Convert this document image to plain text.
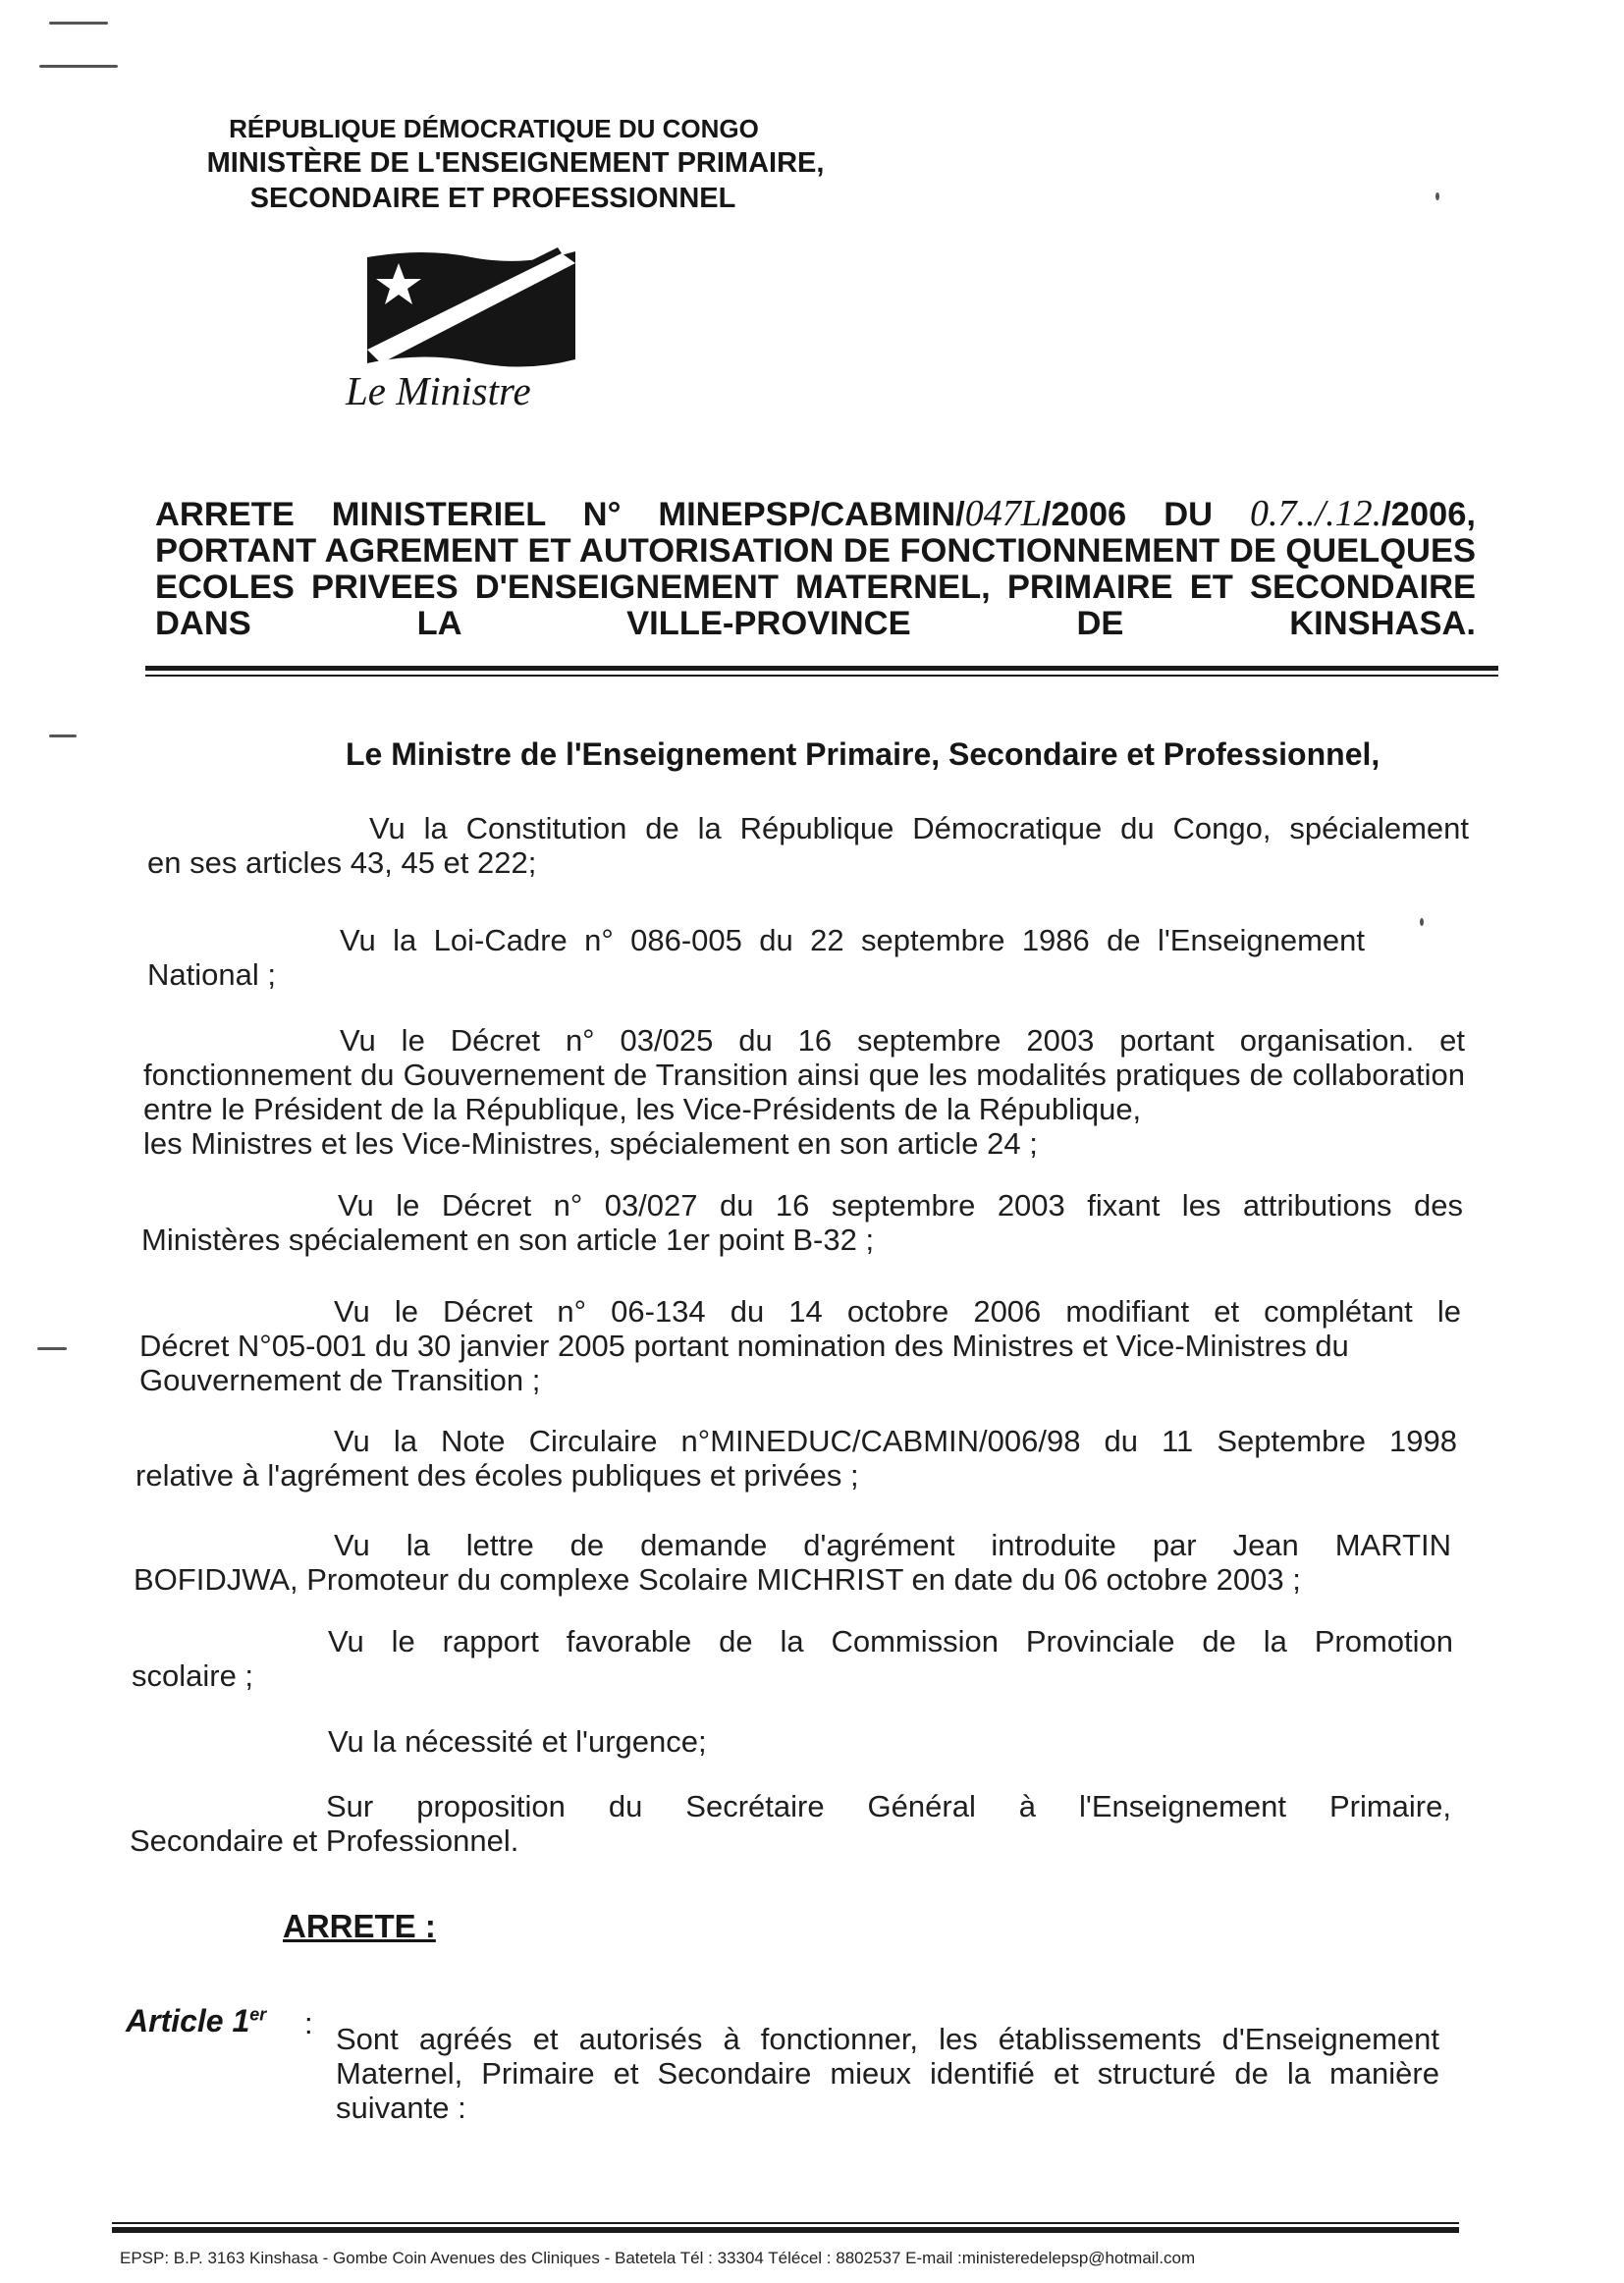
RÉPUBLIQUE DÉMOCRATIQUE DU CONGO
MINISTÈRE DE L'ENSEIGNEMENT PRIMAIRE,
SECONDAIRE ET PROFESSIONNEL
Le Ministre
ARRETE MINISTERIEL N° MINEPSP/CABMIN/047L/2006 DU 0.7../.12./2006,
PORTANT AGREMENT ET AUTORISATION DE FONCTIONNEMENT DE QUELQUES
ECOLES PRIVEES D'ENSEIGNEMENT MATERNEL, PRIMAIRE ET SECONDAIRE
DANS LA VILLE-PROVINCE DE KINSHASA.
Le Ministre de l'Enseignement Primaire, Secondaire et Professionnel,
Vu la Constitution de la République Démocratique du Congo, spécialement
en ses articles 43, 45 et 222;
Vu la Loi-Cadre n° 086-005 du 22 septembre 1986 de l'Enseignement
National ;
Vu le Décret n° 03/025 du 16 septembre 2003 portant organisation. et
fonctionnement du Gouvernement de Transition ainsi que les modalités pratiques de collaboration entre le Président de la République, les Vice-Présidents de la République,
les Ministres et les Vice-Ministres, spécialement en son article 24 ;
Vu le Décret n° 03/027 du 16 septembre 2003 fixant les attributions des
Ministères spécialement en son article 1er point B-32 ;
Vu le Décret n° 06-134 du 14 octobre 2006 modifiant et complétant le
Décret N°05-001 du 30 janvier 2005 portant nomination des Ministres et Vice-Ministres du
Gouvernement de Transition ;
Vu la Note Circulaire n°MINEDUC/CABMIN/006/98 du 11 Septembre 1998
relative à l'agrément des écoles publiques et privées ;
Vu la lettre de demande d'agrément introduite par Jean MARTIN
BOFIDJWA, Promoteur du complexe Scolaire MICHRIST en date du 06 octobre 2003 ;
Vu le rapport favorable de la Commission Provinciale de la Promotion
scolaire ;
Vu la nécessité et l'urgence;
Sur proposition du Secrétaire Général à l'Enseignement Primaire,
Secondaire et Professionnel.
ARRETE :
Article 1er : Sont agréés et autorisés à fonctionner, les établissements d'Enseignement
Maternel, Primaire et Secondaire mieux identifié et structuré de la manière
suivante :
EPSP: B.P. 3163 Kinshasa - Gombe Coin Avenues des Cliniques - Batetela Tél : 33304 Télécel : 8802537 E-mail :ministeredelepsp@hotmail.com
